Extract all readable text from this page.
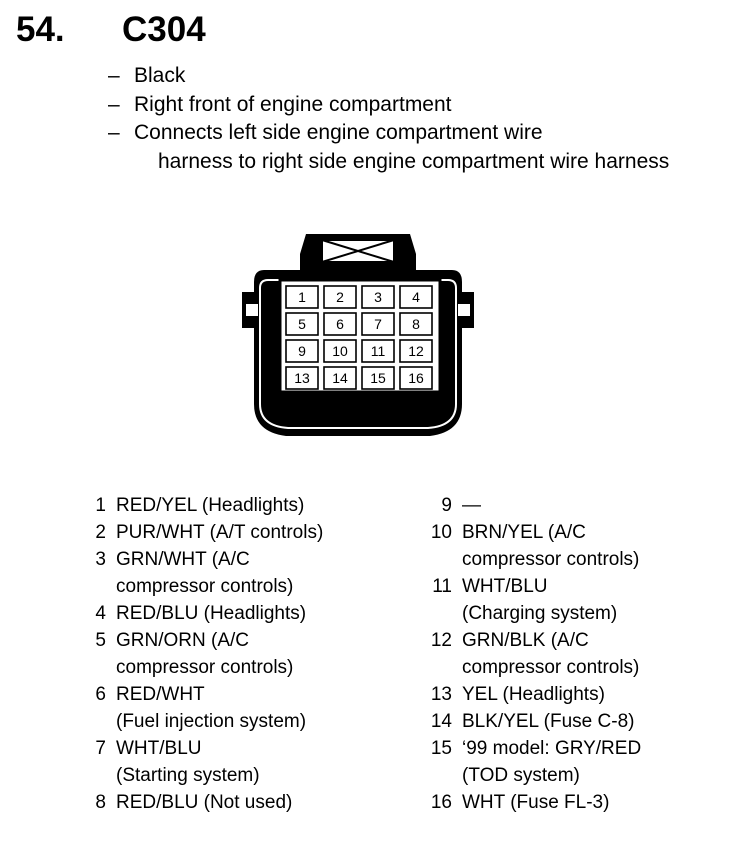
54. C304
– Black
– Right front of engine compartment
– Connects left side engine compartment wire
harness to right side engine compartment wire harness
1 2 3 4
5 6 7 8
9 10 11 12
13 14 15 16
1 RED/YEL (Headlights)
2 PUR/WHT (A/T controls)
3 GRN/WHT (A/C
compressor controls)
4 RED/BLU (Headlights)
5 GRN/ORN (A/C
compressor controls)
6 RED/WHT
(Fuel injection system)
7 WHT/BLU
(Starting system)
8 RED/BLU (Not used)
9 —
10 BRN/YEL (A/C
compressor controls)
11 WHT/BLU
(Charging system)
12 GRN/BLK (A/C
compressor controls)
13 YEL (Headlights)
14 BLK/YEL (Fuse C-8)
15 ‘99 model: GRY/RED
(TOD system)
16 WHT (Fuse FL-3)
